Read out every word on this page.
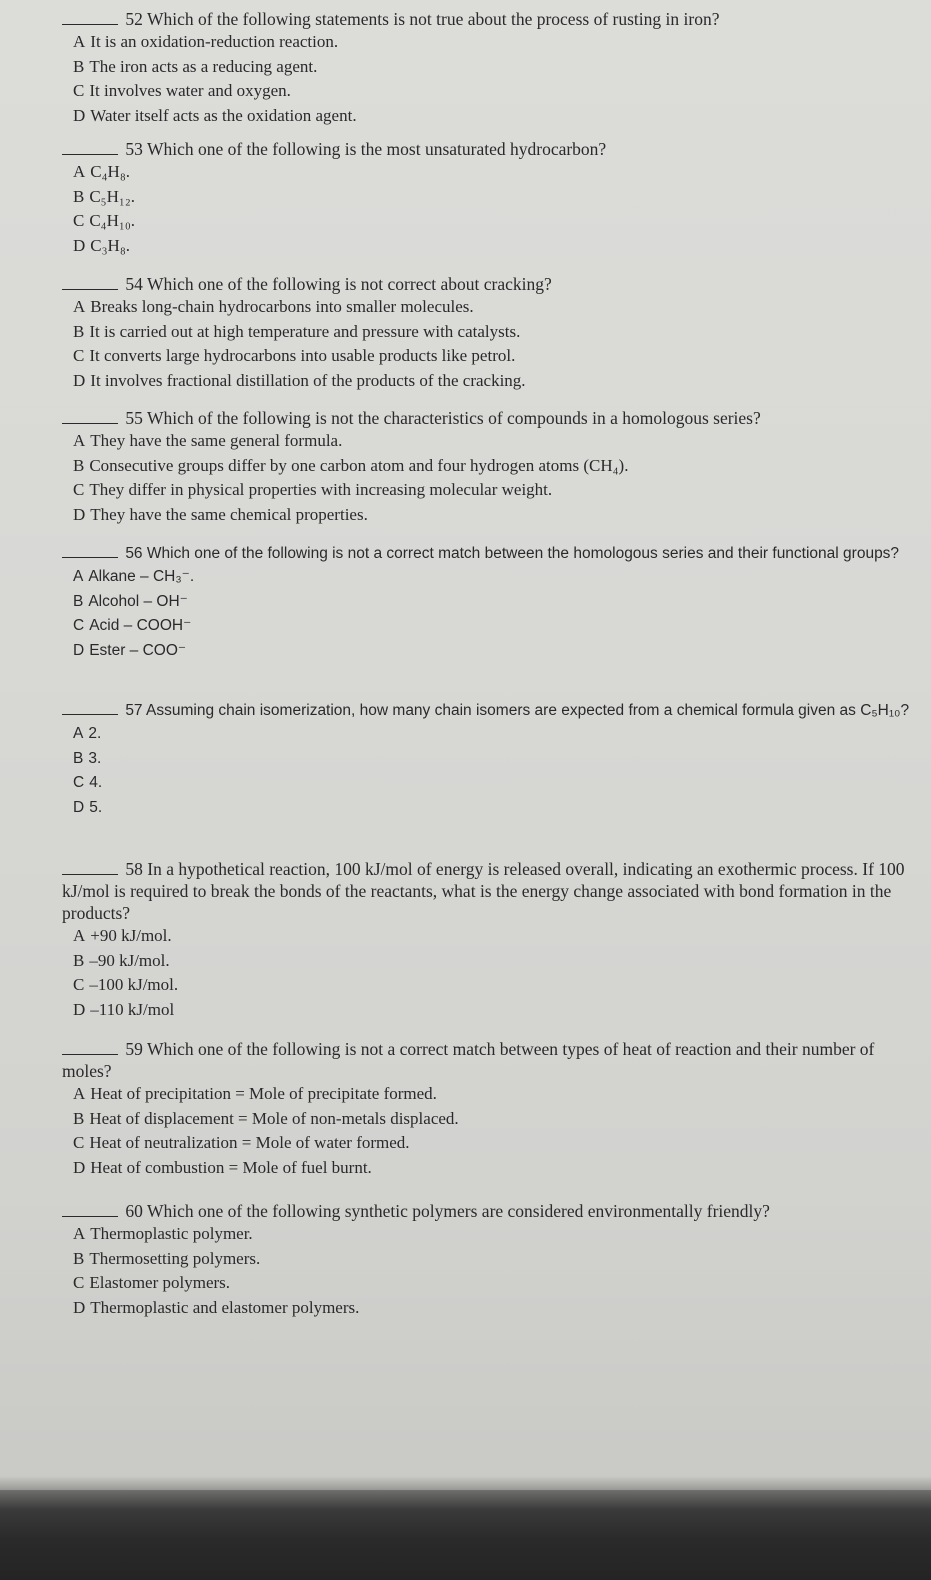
52 Which of the following statements is not true about the process of rusting in iron?

A It is an oxidation-reduction reaction.
B The iron acts as a reducing agent.
C It involves water and oxygen.
D Water itself acts as the oxidation agent.

53 Which one of the following is the most unsaturated hydrocarbon?

A C₄H₈.
B C₅H₁₂.
C C₄H₁₀.
D C₃H₈.

54 Which one of the following is not correct about cracking?

A Breaks long-chain hydrocarbons into smaller molecules.
B It is carried out at high temperature and pressure with catalysts.
C It converts large hydrocarbons into usable products like petrol.
D It involves fractional distillation of the products of the cracking.

55 Which of the following is not the characteristics of compounds in a homologous series?

A They have the same general formula.
B Consecutive groups differ by one carbon atom and four hydrogen atoms (CH₄).
C They differ in physical properties with increasing molecular weight.
D They have the same chemical properties.

56 Which one of the following is not a correct match between the homologous series and their functional groups?

A Alkane – CH₃⁻.
B Alcohol – OH⁻
C Acid – COOH⁻
D Ester – COO⁻

57 Assuming chain isomerization, how many chain isomers are expected from a chemical formula given as C₅H₁₀?

A 2.
B 3.
C 4.
D 5.

58 In a hypothetical reaction, 100 kJ/mol of energy is released overall, indicating an exothermic process. If 100 kJ/mol is required to break the bonds of the reactants, what is the energy change associated with bond formation in the products?

A +90 kJ/mol.
B –90 kJ/mol.
C –100 kJ/mol.
D –110 kJ/mol

59 Which one of the following is not a correct match between types of heat of reaction and their number of moles?

A Heat of precipitation = Mole of precipitate formed.
B Heat of displacement = Mole of non-metals displaced.
C Heat of neutralization = Mole of water formed.
D Heat of combustion = Mole of fuel burnt.

60 Which one of the following synthetic polymers are considered environmentally friendly?

A Thermoplastic polymer.
B Thermosetting polymers.
C Elastomer polymers.
D Thermoplastic and elastomer polymers.
